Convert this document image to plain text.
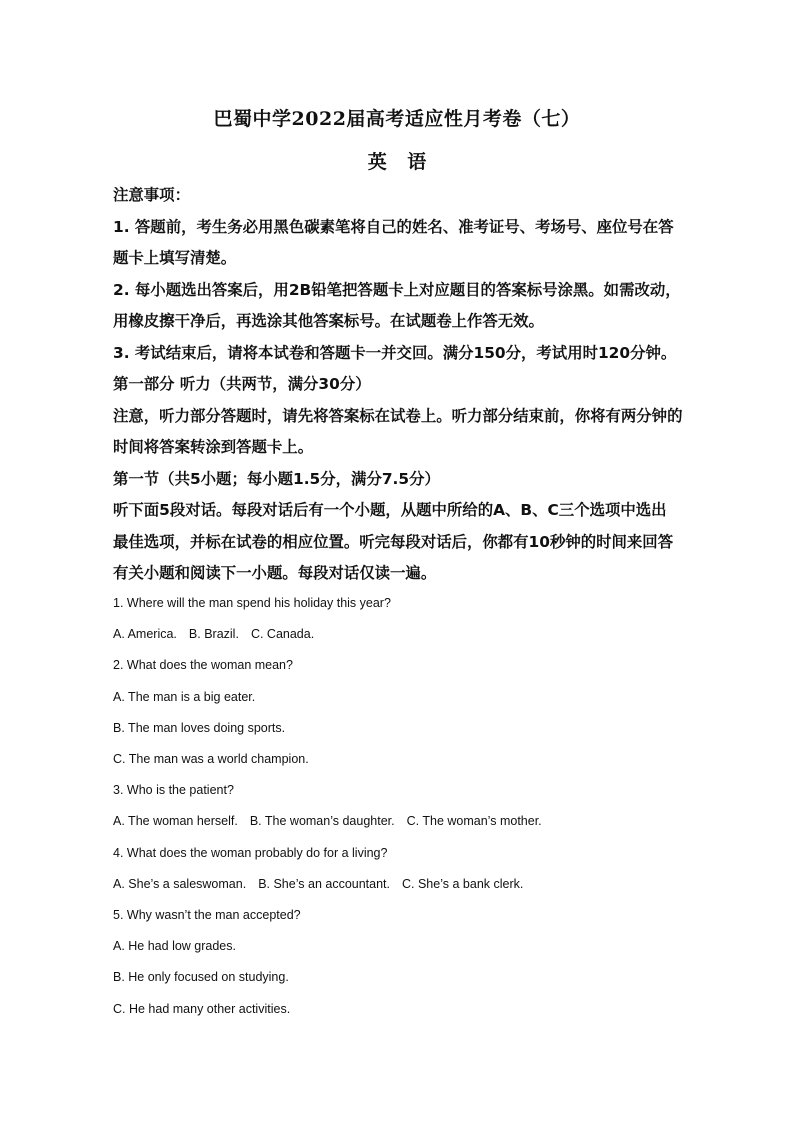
巴蜀中学2022届高考适应性月考卷（七）
英 语

注意事项：

1. 答题前，考生务必用黑色碳素笔将自己的姓名、准考证号、考场号、座位号在答

题卡上填写清楚。

2. 每小题选出答案后，用2B铅笔把答题卡上对应题目的答案标号涂黑。如需改动，

用橡皮擦干净后，再选涂其他答案标号。在试题卷上作答无效。

3. 考试结束后，请将本试卷和答题卡一并交回。满分150分，考试用时120分钟。

第一部分 听力（共两节，满分30分）

注意，听力部分答题时，请先将答案标在试卷上。听力部分结束前，你将有两分钟的

时间将答案转涂到答题卡上。

第一节（共5小题；每小题1.5分，满分7.5分）

听下面5段对话。每段对话后有一个小题，从题中所给的A、B、C三个选项中选出

最佳选项，并标在试卷的相应位置。听完每段对话后，你都有10秒钟的时间来回答

有关小题和阅读下一小题。每段对话仅读一遍。

1. Where will the man spend his holiday this year?

A. America. B. Brazil. C. Canada.

2. What does the woman mean?

A. The man is a big eater.

B. The man loves doing sports.

C. The man was a world champion.

3. Who is the patient?

A. The woman herself. B. The woman’s daughter. C. The woman’s mother.

4. What does the woman probably do for a living?

A. She’s a saleswoman. B. She’s an accountant. C. She’s a bank clerk.

5. Why wasn’t the man accepted?

A. He had low grades.

B. He only focused on studying.

C. He had many other activities.
